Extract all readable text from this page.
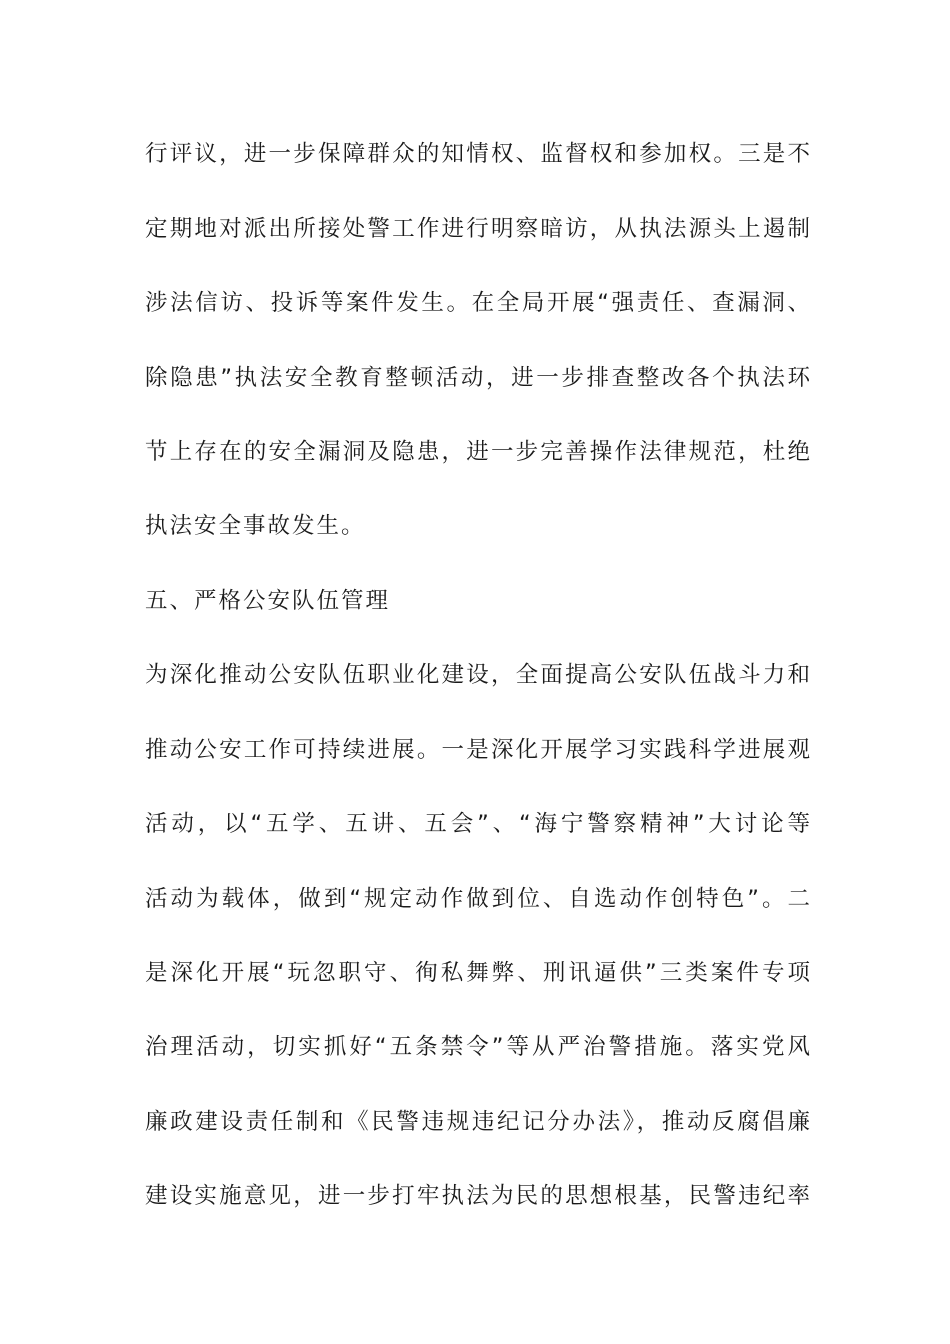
行评议，进一步保障群众的知情权、监督权和参加权。三是不
定期地对派出所接处警工作进行明察暗访，从执法源头上遏制
涉法信访、投诉等案件发生。在全局开展“强责任、查漏洞、
除隐患”执法安全教育整顿活动，进一步排查整改各个执法环
节上存在的安全漏洞及隐患，进一步完善操作法律规范，杜绝
执法安全事故发生。
五、严格公安队伍管理
为深化推动公安队伍职业化建设，全面提高公安队伍战斗力和
推动公安工作可持续进展。一是深化开展学习实践科学进展观
活动，以“五学、五讲、五会”、“海宁警察精神”大讨论等
活动为载体，做到“规定动作做到位、自选动作创特色”。二
是深化开展“玩忽职守、徇私舞弊、刑讯逼供”三类案件专项
治理活动，切实抓好“五条禁令”等从严治警措施。落实党风
廉政建设责任制和《民警违规违纪记分办法》，推动反腐倡廉
建设实施意见，进一步打牢执法为民的思想根基，民警违纪率
